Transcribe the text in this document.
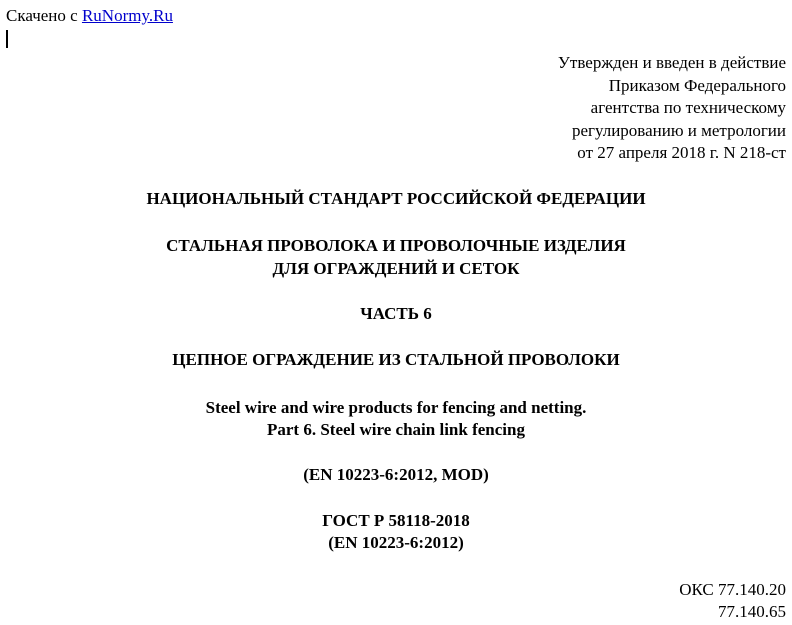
Скачено с RuNormy.Ru
Утвержден и введен в действие
Приказом Федерального
агентства по техническому
регулированию и метрологии
от 27 апреля 2018 г. N 218-ст
НАЦИОНАЛЬНЫЙ СТАНДАРТ РОССИЙСКОЙ ФЕДЕРАЦИИ
СТАЛЬНАЯ ПРОВОЛОКА И ПРОВОЛОЧНЫЕ ИЗДЕЛИЯ
ДЛЯ ОГРАЖДЕНИЙ И СЕТОК
ЧАСТЬ 6
ЦЕПНОЕ ОГРАЖДЕНИЕ ИЗ СТАЛЬНОЙ ПРОВОЛОКИ
Steel wire and wire products for fencing and netting.
Part 6. Steel wire chain link fencing
(EN 10223-6:2012, MOD)
ГОСТ Р 58118-2018
(EN 10223-6:2012)
ОКС 77.140.20
77.140.65
